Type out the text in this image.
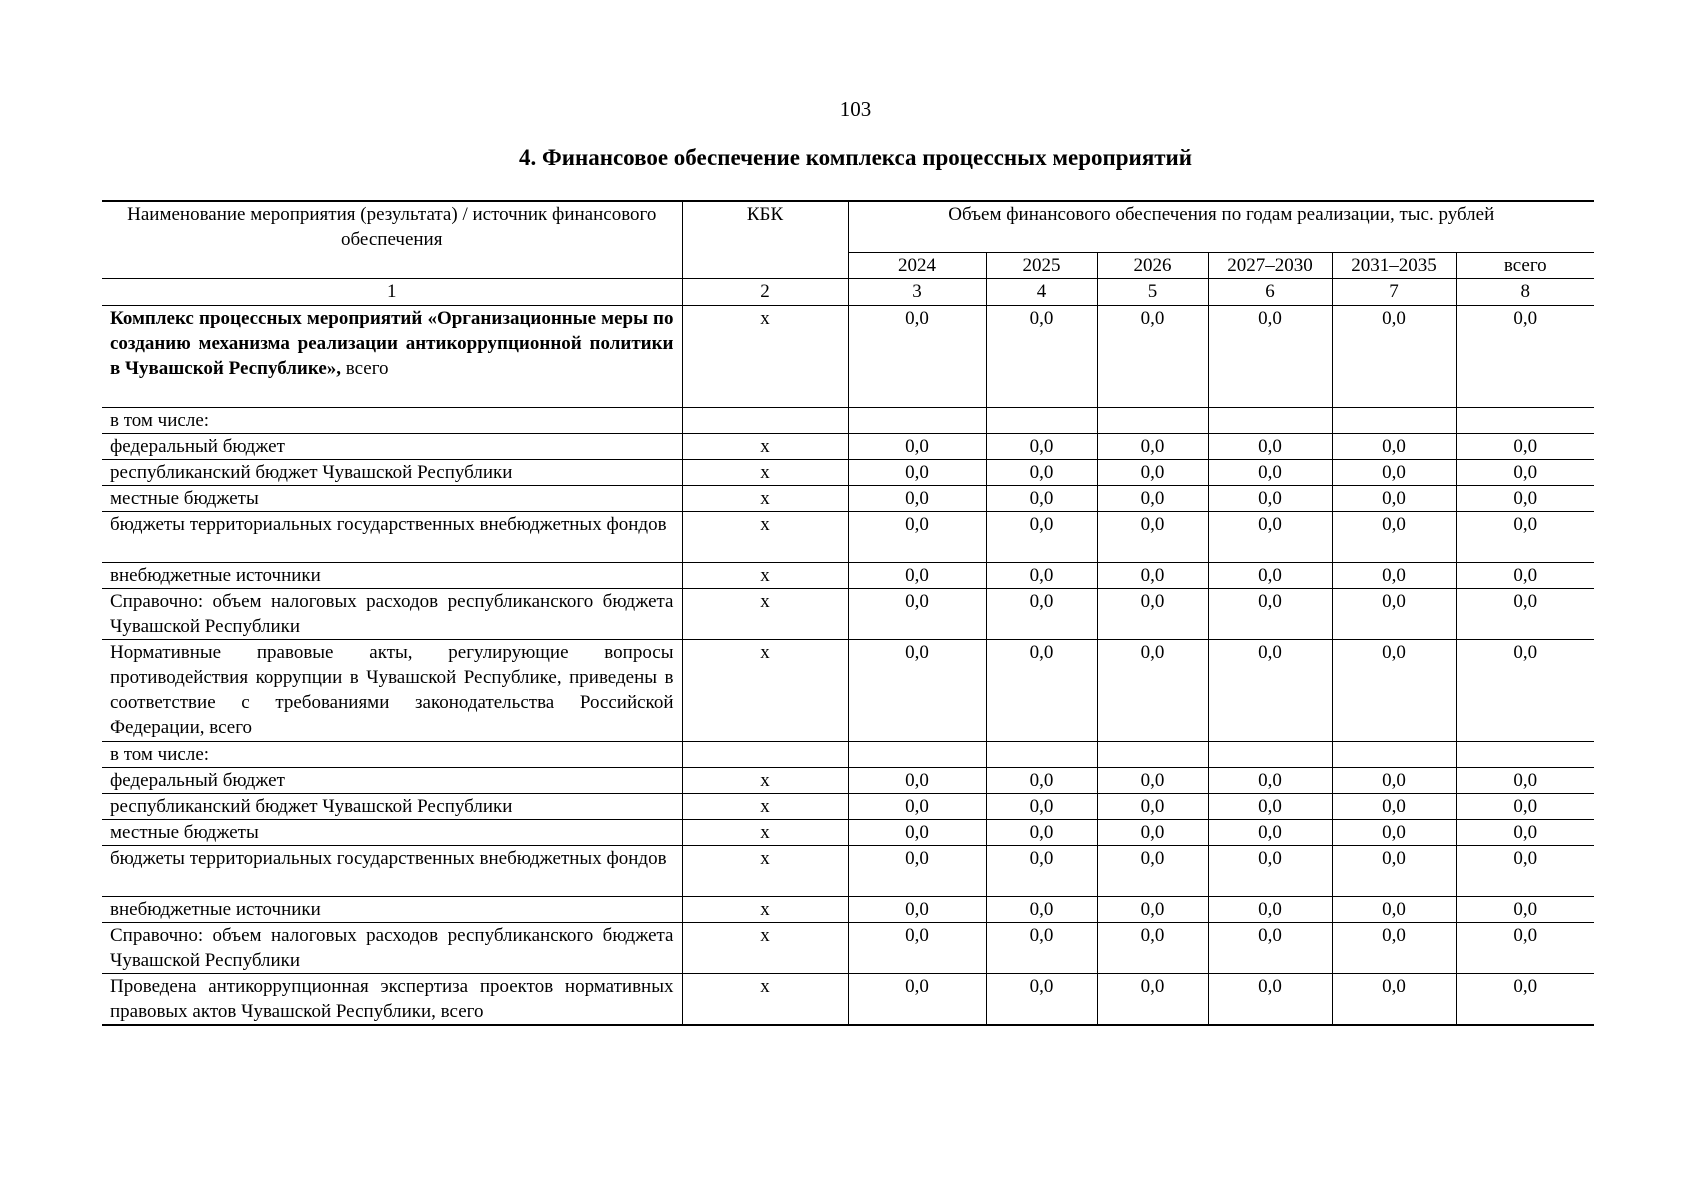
103
4. Финансовое обеспечение комплекса процессных мероприятий
Наименование мероприятия (результата) / источник финансового обеспечения	КБК	Объем финансового обеспечения по годам реализации, тыс. рублей					
		2024	2025	2026	2027–2030	2031–2035	всего
1	2	3	4	5	6	7	8
Комплекс процессных мероприятий «Организационные меры по созданию механизма реализации антикоррупционной политики в Чувашской Республике», всего	х	0,0	0,0	0,0	0,0	0,0	0,0
в том числе:							
федеральный бюджет	х	0,0	0,0	0,0	0,0	0,0	0,0
республиканский бюджет Чувашской Республики	х	0,0	0,0	0,0	0,0	0,0	0,0
местные бюджеты	х	0,0	0,0	0,0	0,0	0,0	0,0
бюджеты территориальных государственных внебюджетных фондов	х	0,0	0,0	0,0	0,0	0,0	0,0
внебюджетные источники	х	0,0	0,0	0,0	0,0	0,0	0,0
Справочно: объем налоговых расходов республиканского бюджета Чувашской Республики	х	0,0	0,0	0,0	0,0	0,0	0,0
Нормативные правовые акты, регулирующие вопросы противодействия коррупции в Чувашской Республике, приведены в соответствие с требованиями законодательства Российской Федерации, всего	х	0,0	0,0	0,0	0,0	0,0	0,0
в том числе:							
федеральный бюджет	х	0,0	0,0	0,0	0,0	0,0	0,0
республиканский бюджет Чувашской Республики	х	0,0	0,0	0,0	0,0	0,0	0,0
местные бюджеты	х	0,0	0,0	0,0	0,0	0,0	0,0
бюджеты территориальных государственных внебюджетных фондов	х	0,0	0,0	0,0	0,0	0,0	0,0
внебюджетные источники	х	0,0	0,0	0,0	0,0	0,0	0,0
Справочно: объем налоговых расходов республиканского бюджета Чувашской Республики	х	0,0	0,0	0,0	0,0	0,0	0,0
Проведена антикоррупционная экспертиза проектов нормативных правовых актов Чувашской Республики, всего	х	0,0	0,0	0,0	0,0	0,0	0,0
